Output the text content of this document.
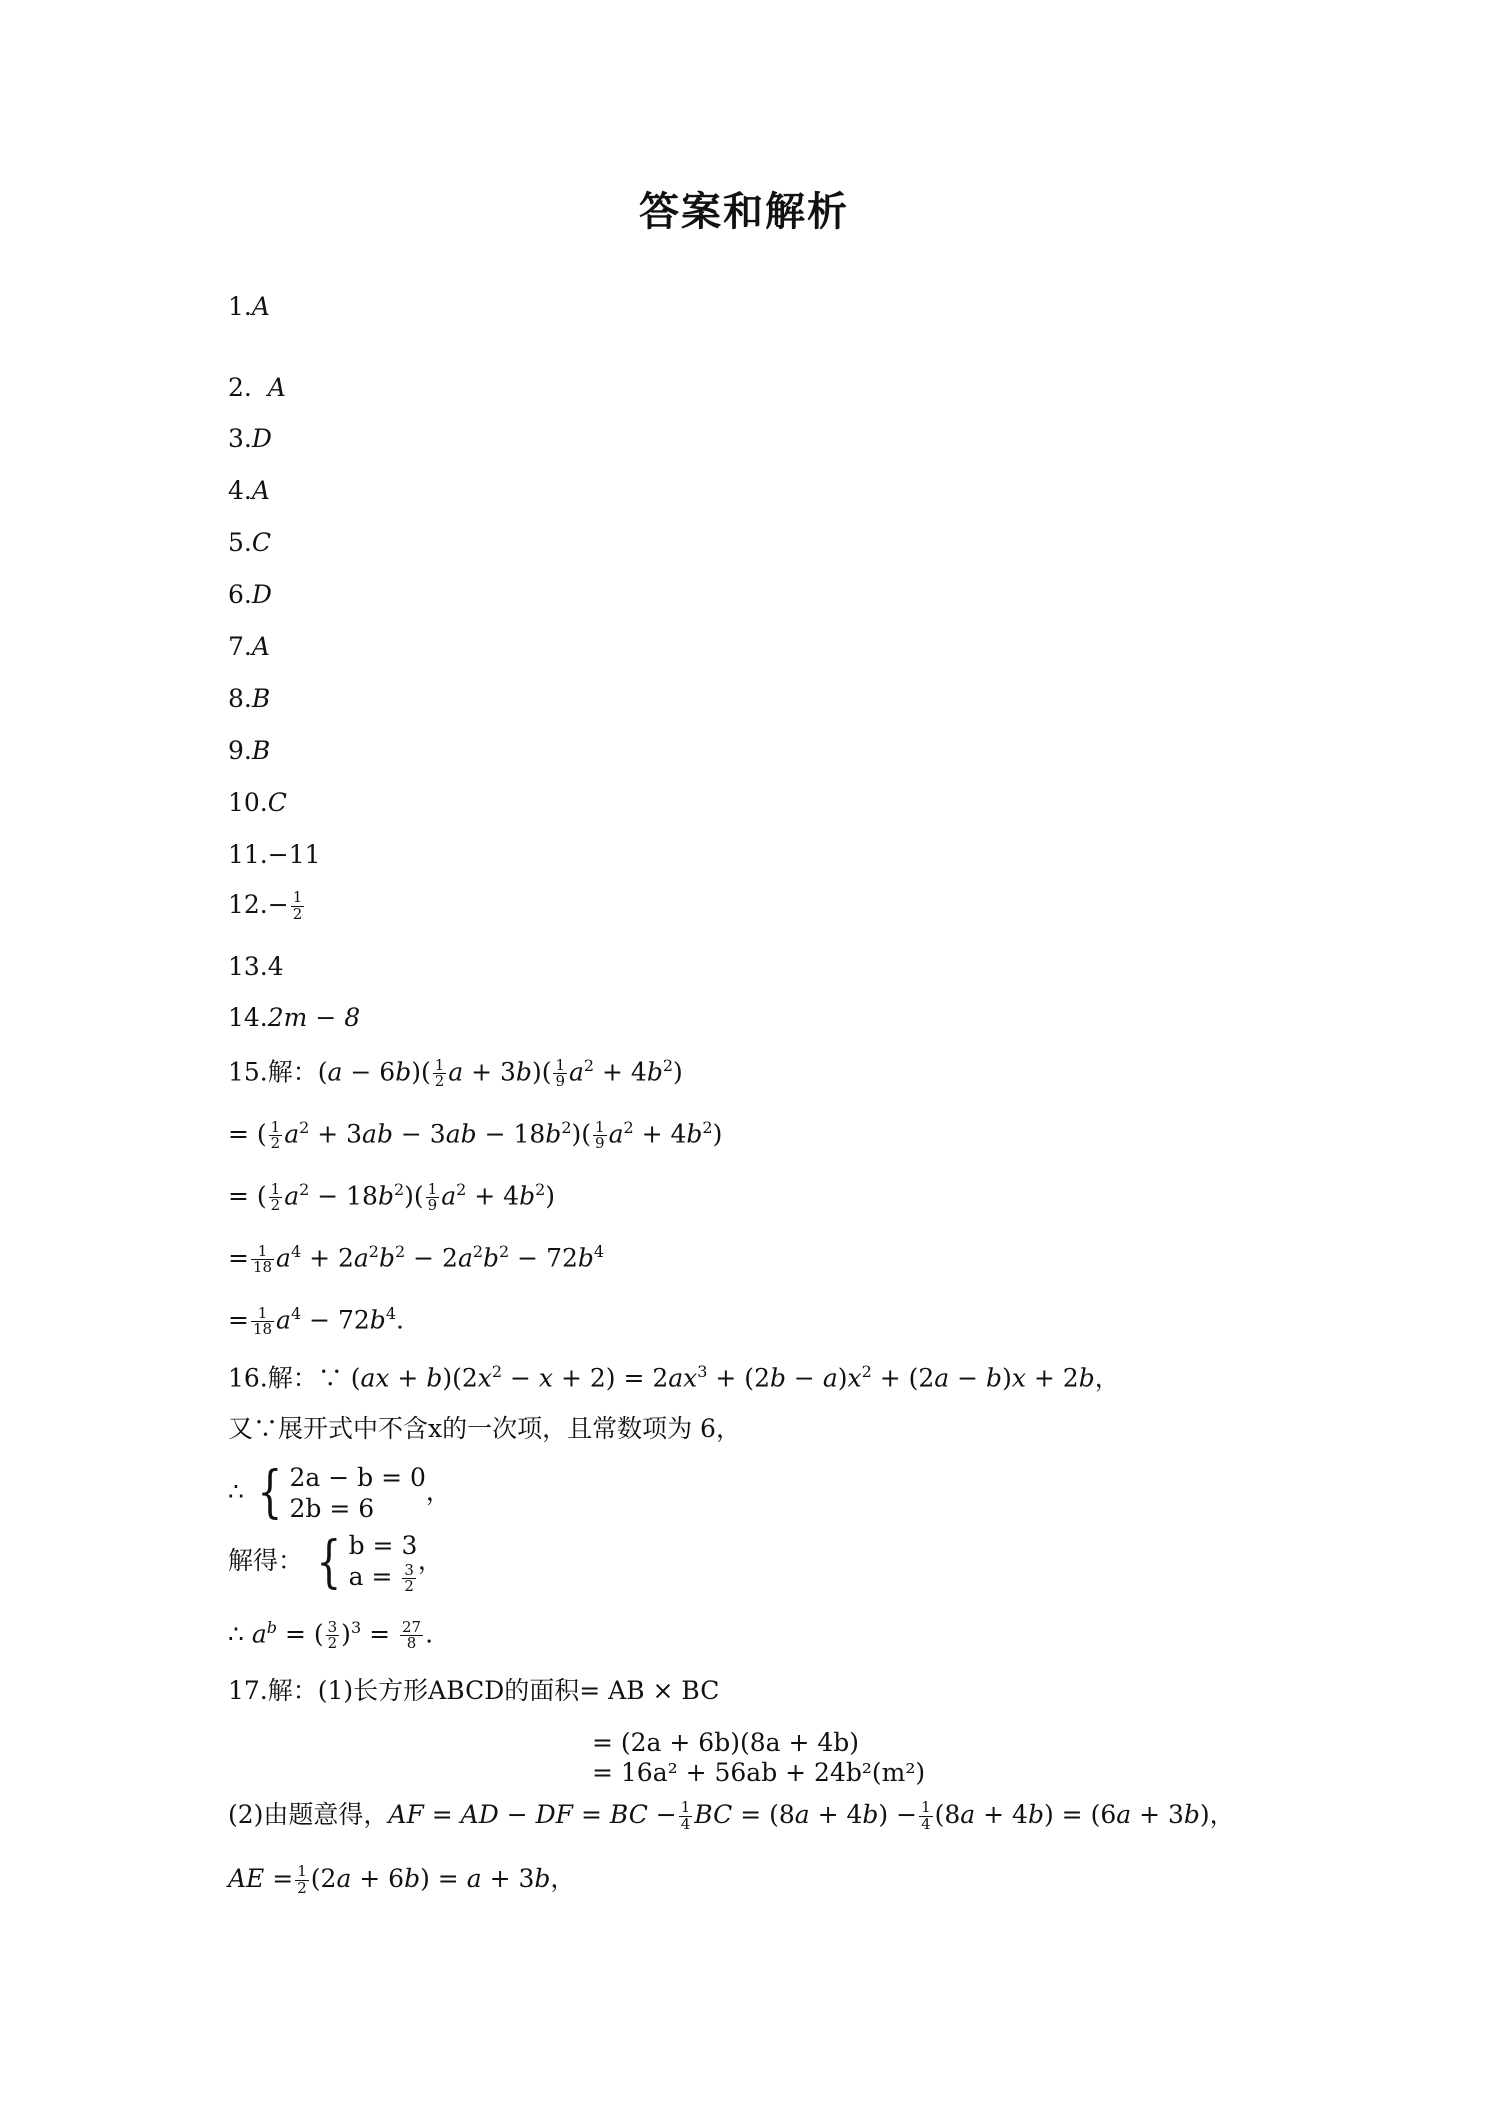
答案和解析
1.A
2.  A
3.D
4.A
5.C
6.D
7.A
8.B
9.B
10.C
11.−11
$12.- \frac{1}{2}$
13.4
14.2m − 8
15.解：$(a - 6b)( \frac{1}{2}$ $a + 3b)( \frac{1}{9} a^2 + 4b^2)$
= ( $\frac{1}{2} a^2 + 3ab - 3ab - 18b^2)( \frac{1}{9} a^2 + 4b^2)$
= ( $\frac{1}{2} a^2 - 18b^2)( \frac{1}{9} a^2 + 4b^2)$
= $\frac{1}{18} a^4 + 2a^2b^2 - 2a^2b^2 - 72b^4$
= $\frac{1}{18} a^4 - 72b^4$.
16.解：∵ $(ax + b)(2x^2 - x + 2) = 2ax^3 + (2b - a)x^2 + (2a - b)x + 2b$，
又∵展开式中不含x的一次项，且常数项为 6，
∴ { 2a − b = 0
2b = 6
，
解得： { b = 3
$a = \frac{3}{2}$
，
∴ $a^b$ = ( $\frac{3}{2} )^3 = \frac{27}{8}$ .
17.解：(1)长方形ABCD的面积= AB × BC
= (2a + 6b)(8a + 4b)
= 16a² + 56ab + 24b²(m²)
(2)由题意得，AF = AD − DF = BC − $\frac{1}{4}$ BC = $(8a + 4b) - \frac{1}{4} (8a + 4b) = (6a + 3b)$，
AE = $\frac{1}{2} (2a + 6b) = a + 3b$，
